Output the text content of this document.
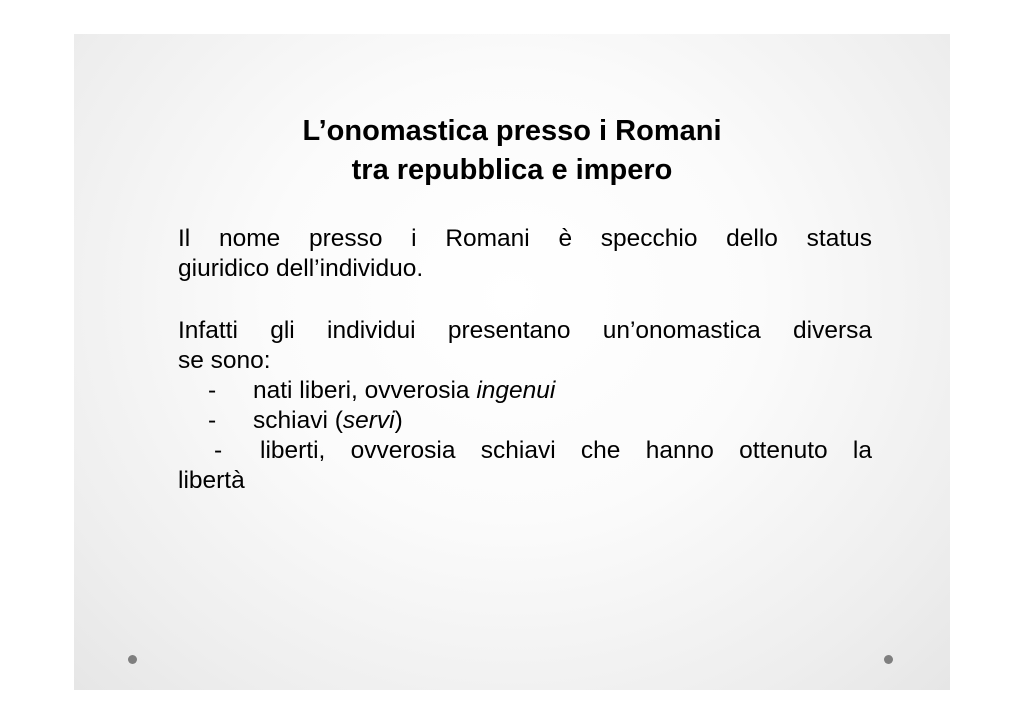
L’onomastica presso i Romani
tra repubblica e impero
Il nome presso i Romani è specchio dello status
giuridico dell’individuo.
Infatti gli individui presentano un’onomastica diversa
se sono:
-	nati liberi, ovverosia ingenui
-	schiavi (servi)
-	liberti, ovverosia schiavi che hanno ottenuto la
libertà
